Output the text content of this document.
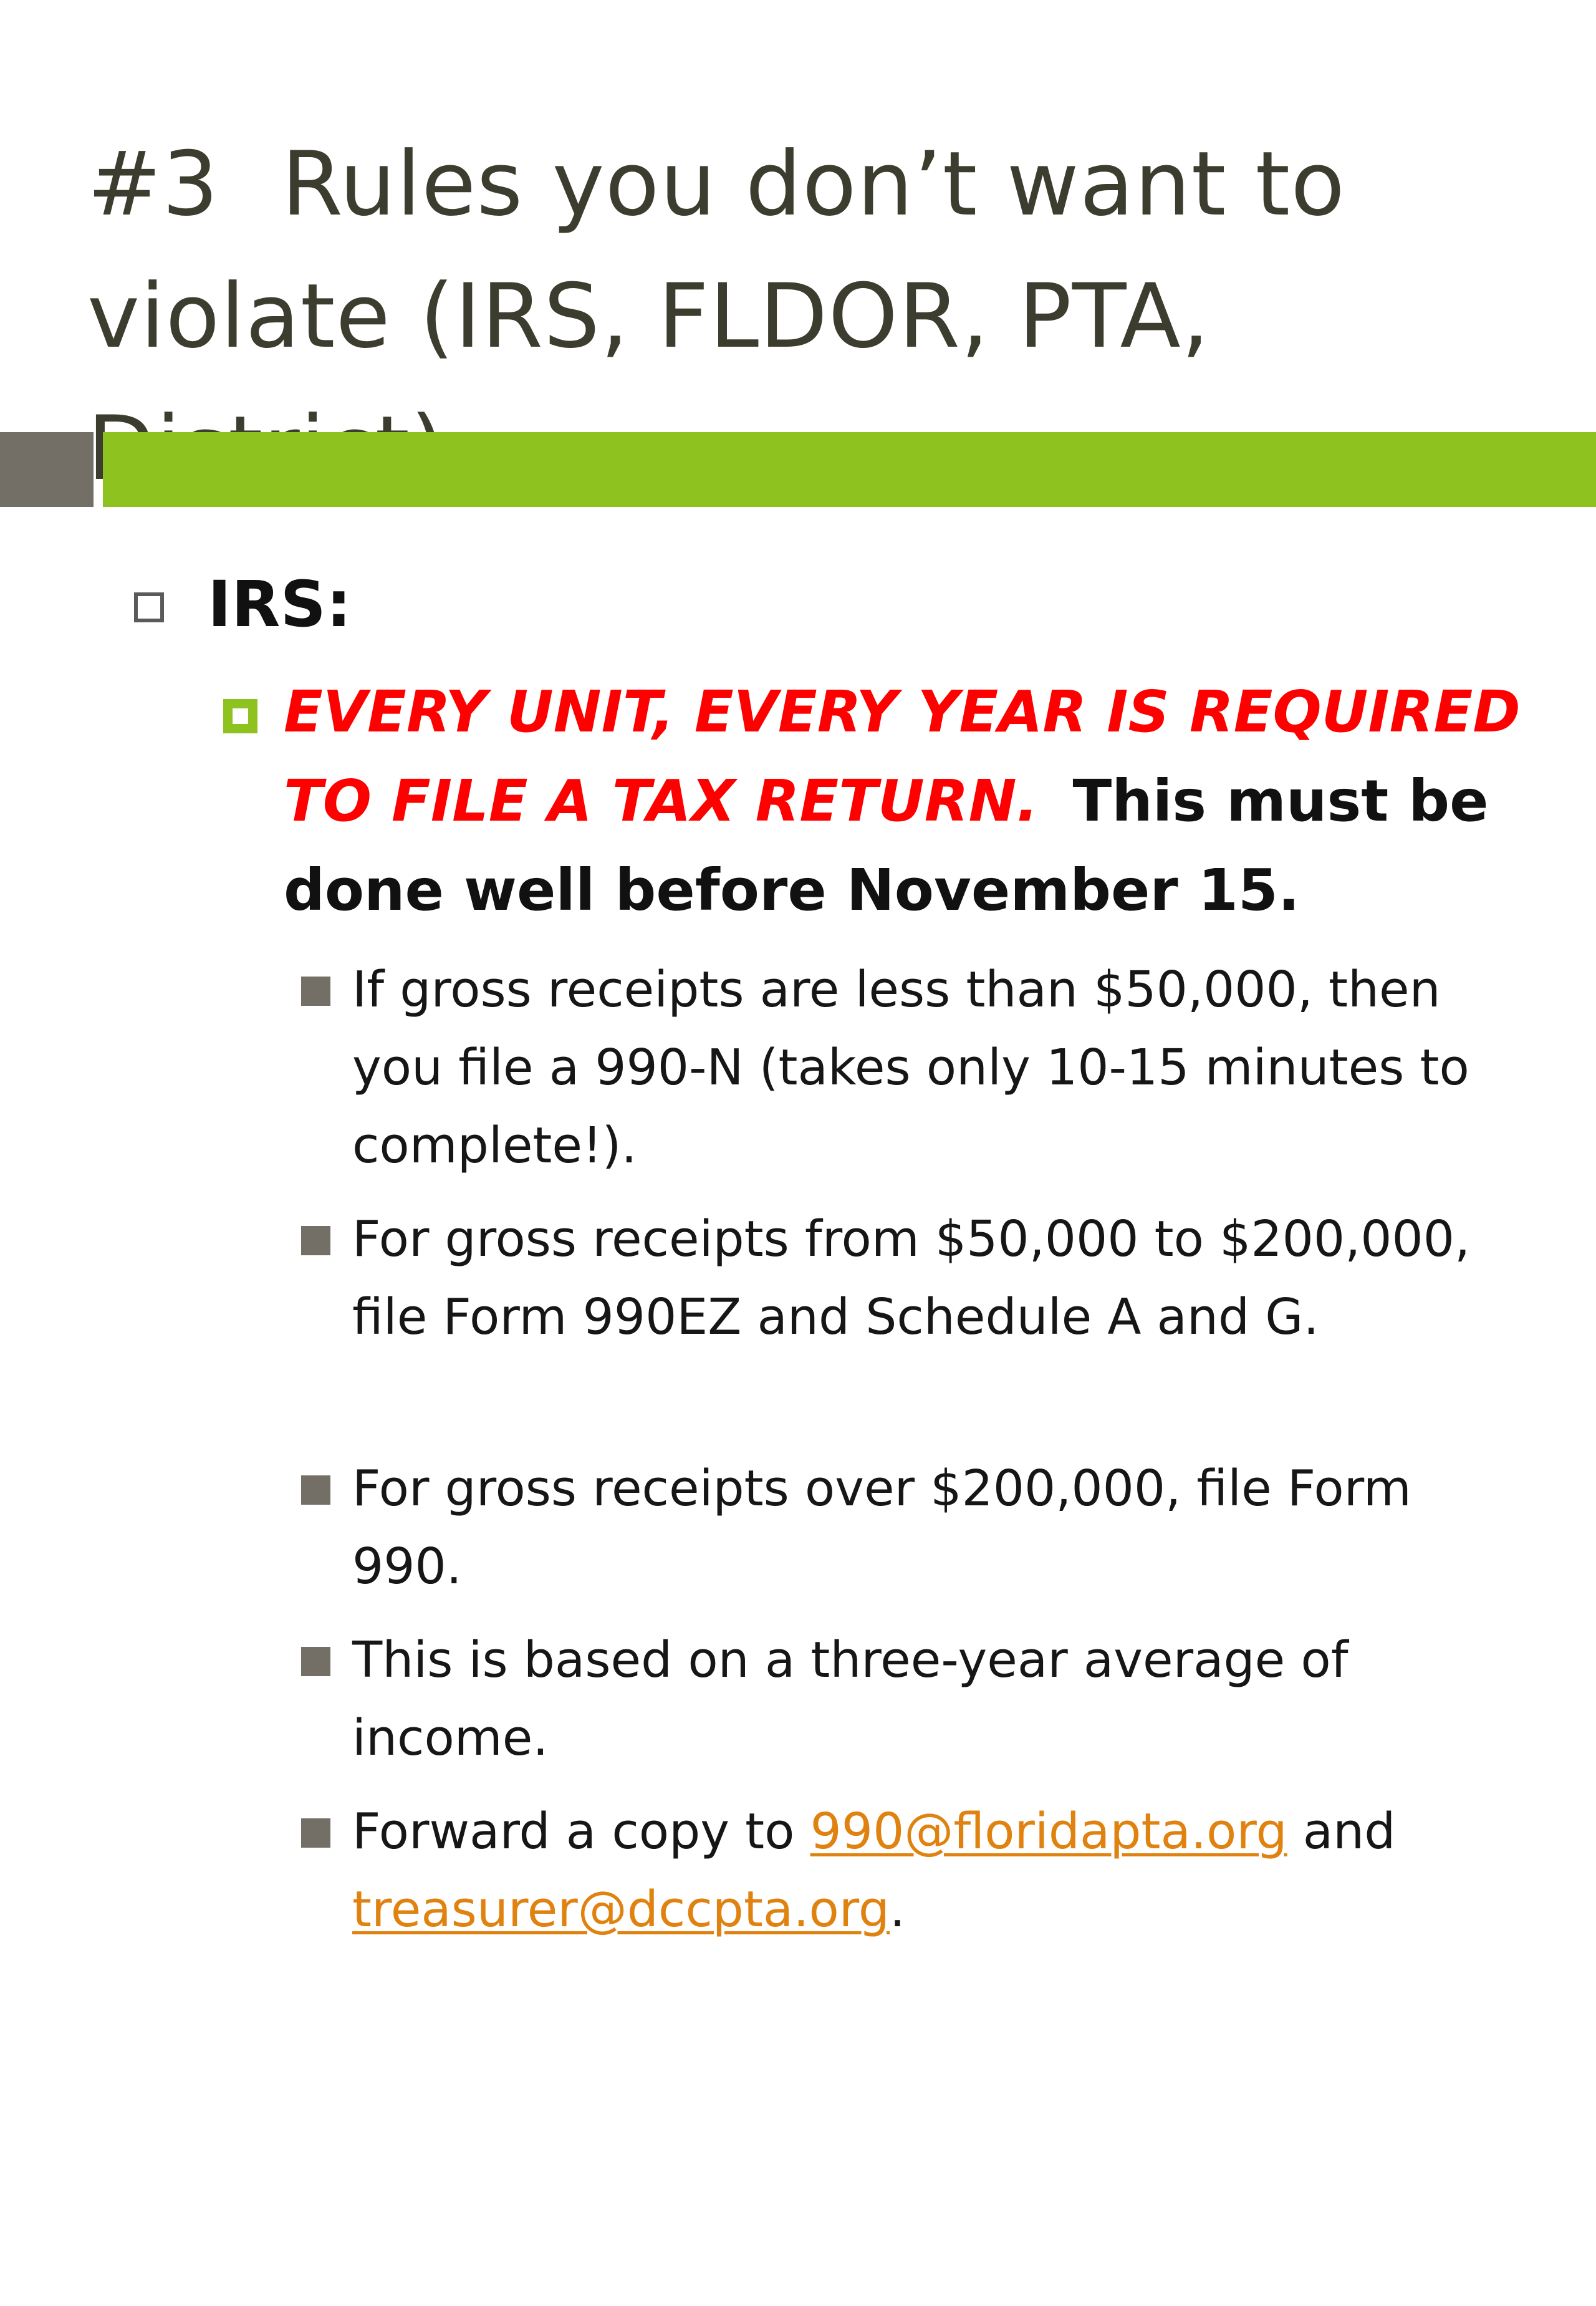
#3 Rules you don’t want to violate (IRS, FLDOR, PTA,

IRS:

EVERY UNIT, EVERY YEAR IS REQUIRED TO FILE A TAX RETURN. This must be done well before November 15.

If gross receipts are less than $50,000, then you file a 990-N (takes only 10-15 minutes to complete!).
For gross receipts from $50,000 to $200,000, file Form 990EZ and Schedule A and G.
For gross receipts over $200,000, file Form 990.
This is based on a three-year average of income.
Forward a copy to 990@floridapta.org and treasurer@dccpta.org.
